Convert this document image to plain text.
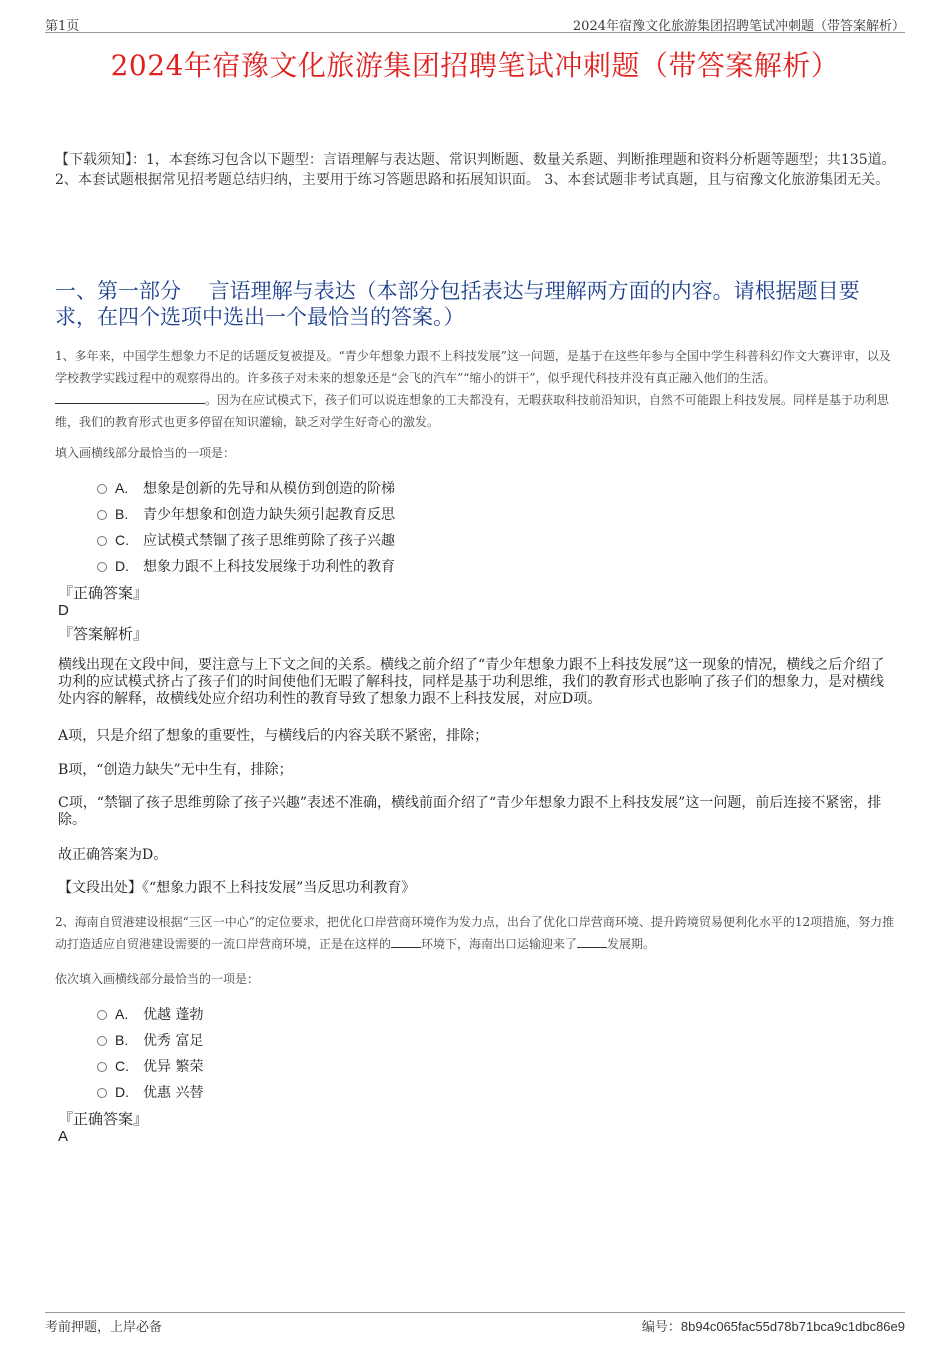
第1页	2024年宿豫文化旅游集团招聘笔试冲刺题（带答案解析）
2024年宿豫文化旅游集团招聘笔试冲刺题（带答案解析）
【下载须知】：1，本套练习包含以下题型：言语理解与表达题、常识判断题、数量关系题、判断推理题和资料分析题等题型；共135道。 2、本套试题根据常见招考题总结归纳，主要用于练习答题思路和拓展知识面。 3、本套试题非考试真题，且与宿豫文化旅游集团无关。
一、第一部分　 言语理解与表达（本部分包括表达与理解两方面的内容。请根据题目要求，在四个选项中选出一个最恰当的答案。）
1、多年来，中国学生想象力不足的话题反复被提及。“青少年想象力跟不上科技发展”这一问题，是基于在这些年参与全国中学生科普科幻作文大赛评审，以及学校教学实践过程中的观察得出的。许多孩子对未来的想象还是“会飞的汽车”“缩小的饼干”，似乎现代科技并没有真正融入他们的生活。。因为在应试模式下，孩子们可以说连想象的工夫都没有，无暇获取科技前沿知识，自然不可能跟上科技发展。同样是基于功利思维，我们的教育形式也更多停留在知识灌输，缺乏对学生好奇心的激发。
填入画横线部分最恰当的一项是：
A. 想象是创新的先导和从模仿到创造的阶梯
B. 青少年想象和创造力缺失须引起教育反思
C. 应试模式禁锢了孩子思维剪除了孩子兴趣
D. 想象力跟不上科技发展缘于功利性的教育
『正确答案』
D
『答案解析』
横线出现在文段中间，要注意与上下文之间的关系。横线之前介绍了“青少年想象力跟不上科技发展”这一现象的情况，横线之后介绍了功利的应试模式挤占了孩子们的时间使他们无暇了解科技，同样是基于功利思维，我们的教育形式也影响了孩子们的想象力，是对横线处内容的解释，故横线处应介绍功利性的教育导致了想象力跟不上科技发展，对应D项。
A项，只是介绍了想象的重要性，与横线后的内容关联不紧密，排除；
B项，“创造力缺失”无中生有，排除；
C项，“禁锢了孩子思维剪除了孩子兴趣”表述不准确，横线前面介绍了“青少年想象力跟不上科技发展”这一问题，前后连接不紧密，排除。
故正确答案为D。
【文段出处】《“想象力跟不上科技发展”当反思功利教育》
2、海南自贸港建设根据“三区一中心”的定位要求，把优化口岸营商环境作为发力点，出台了优化口岸营商环境、提升跨境贸易便利化水平的12项措施，努力推动打造适应自贸港建设需要的一流口岸营商环境，正是在这样的	环境下，海南出口运输迎来了	发展期。
依次填入画横线部分最恰当的一项是：
A. 优越 蓬勃
B. 优秀 富足
C. 优异 繁荣
D. 优惠 兴替
『正确答案』
A
考前押题，上岸必备	编号：8b94c065fac55d78b71bca9c1dbc86e9
